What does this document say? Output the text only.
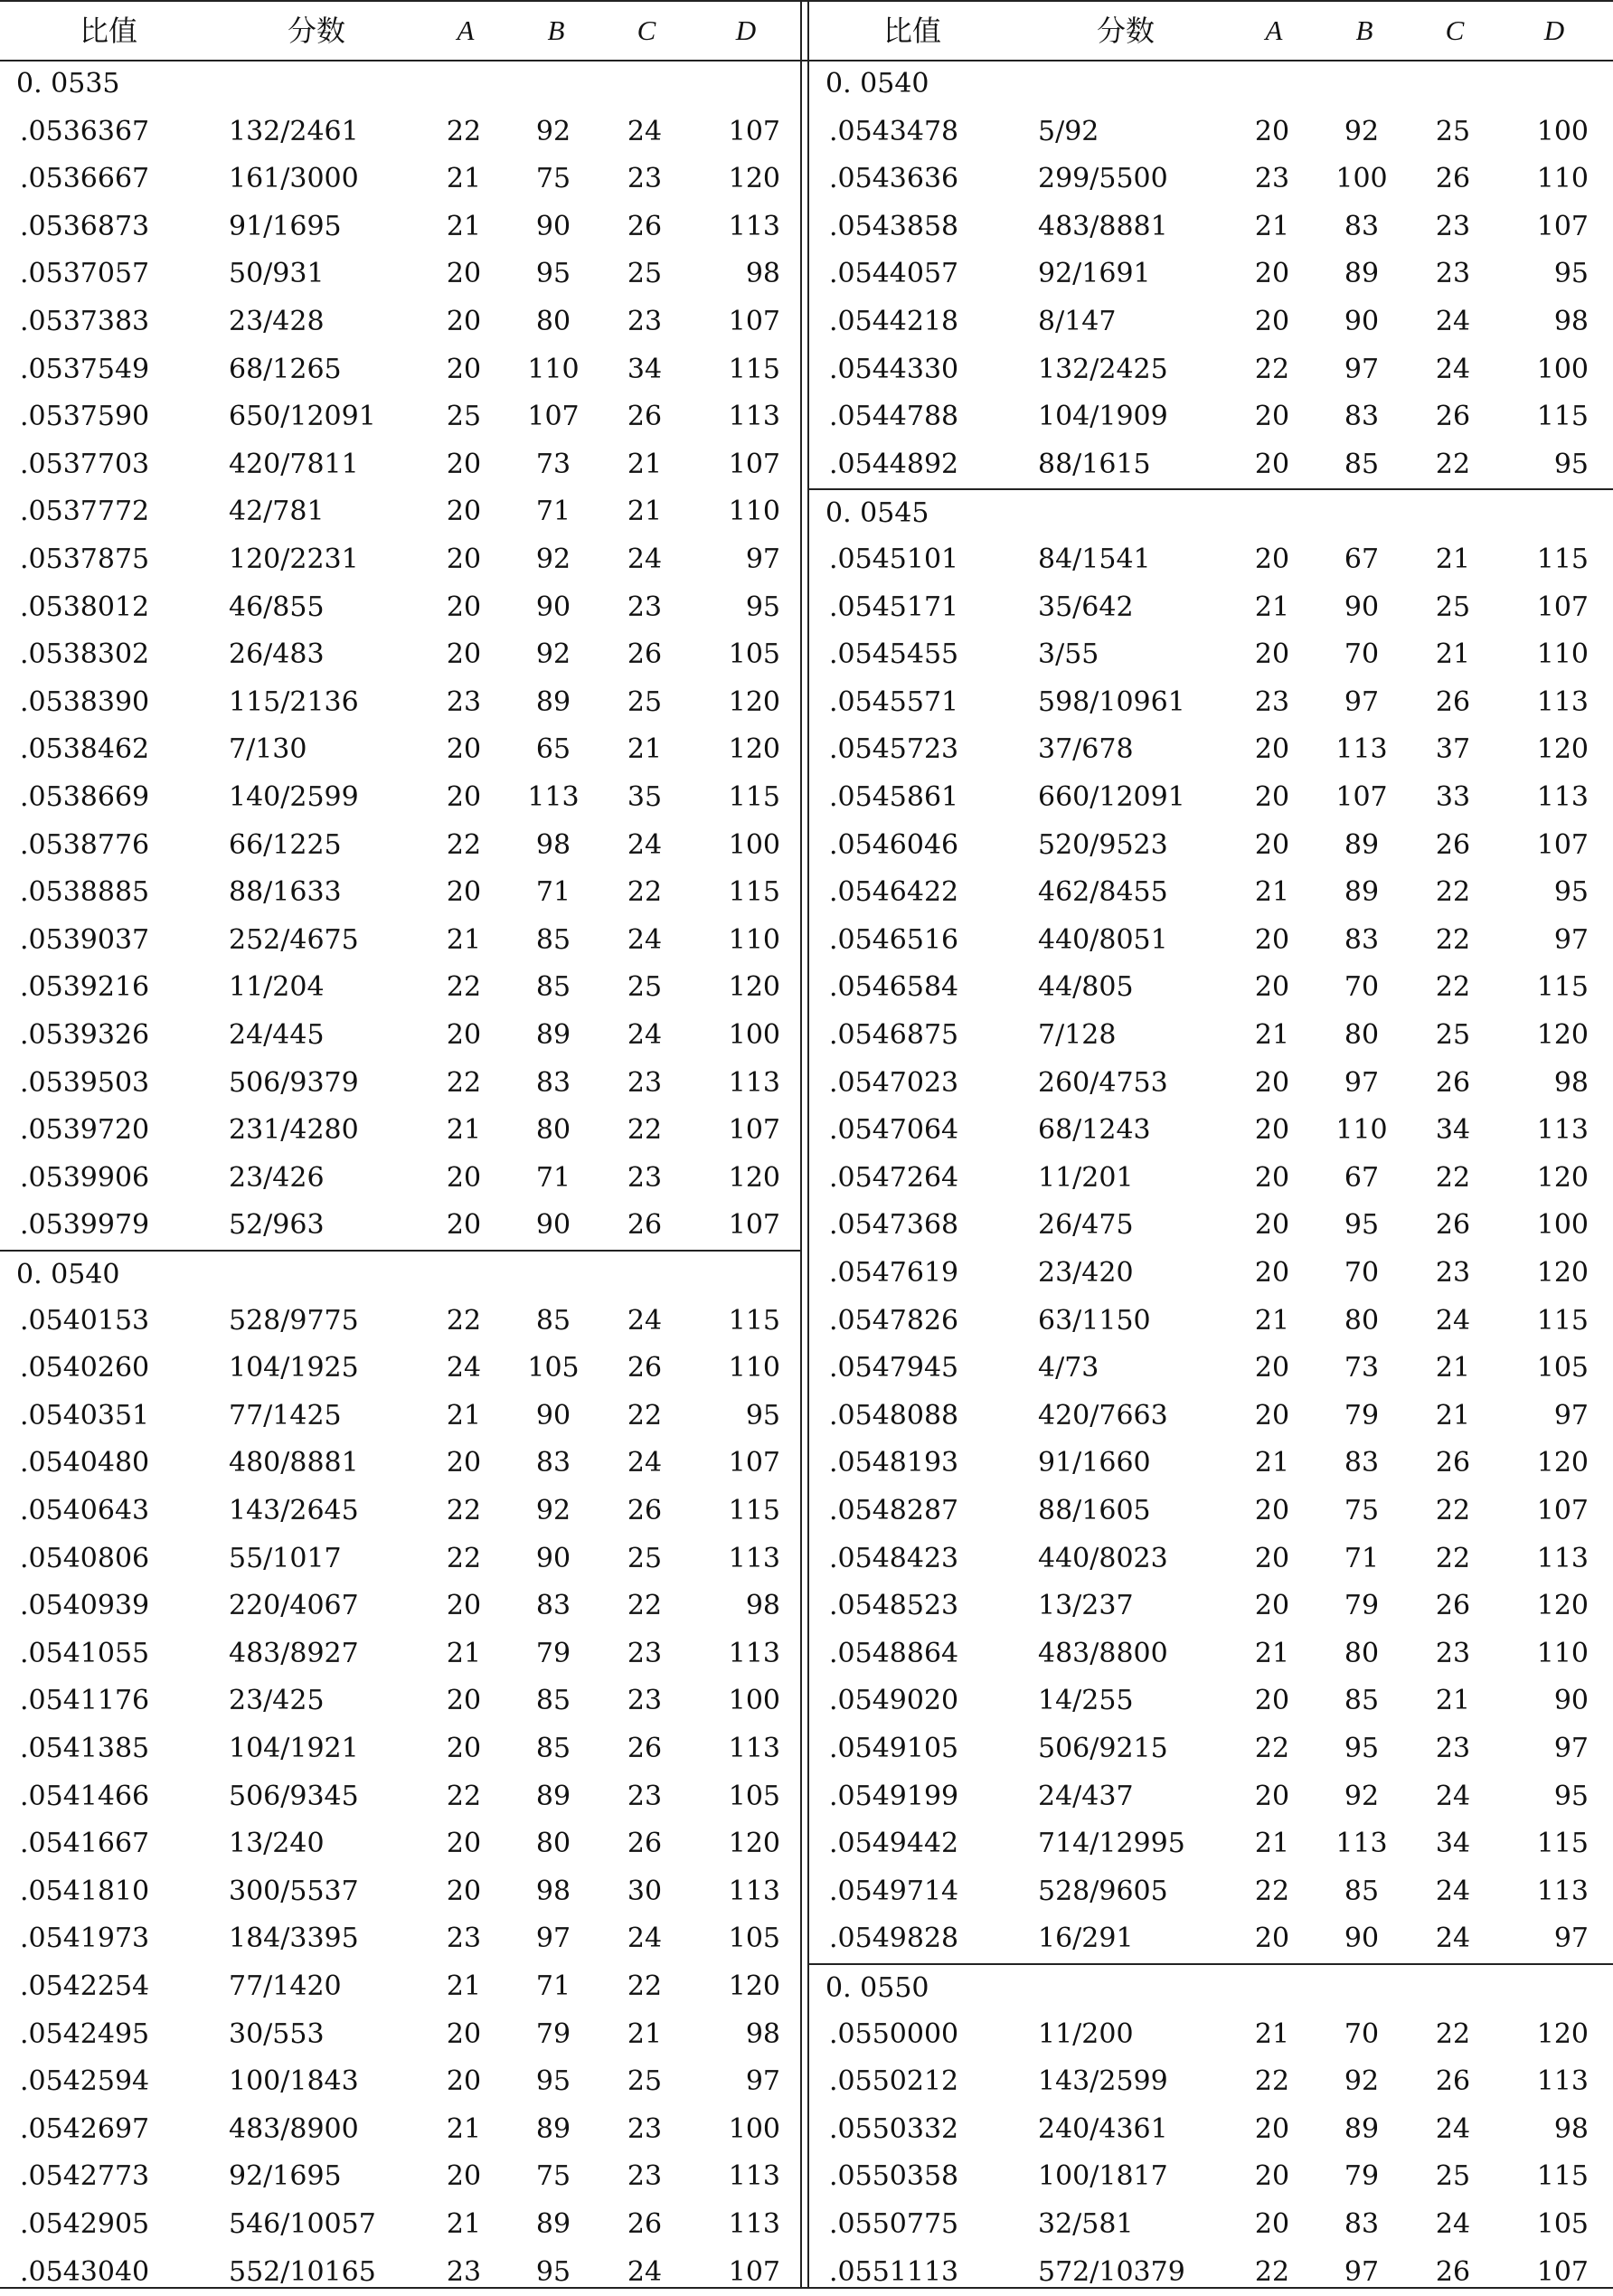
比值	分数	A	B	C	D
0. 0535
.0536367	132/2461	22	92	24	107
.0536667	161/3000	21	75	23	120
.0536873	91/1695	21	90	26	113
.0537057	50/931	20	95	25	98
.0537383	23/428	20	80	23	107
.0537549	68/1265	20	110	34	115
.0537590	650/12091	25	107	26	113
.0537703	420/7811	20	73	21	107
.0537772	42/781	20	71	21	110
.0537875	120/2231	20	92	24	97
.0538012	46/855	20	90	23	95
.0538302	26/483	20	92	26	105
.0538390	115/2136	23	89	25	120
.0538462	7/130	20	65	21	120
.0538669	140/2599	20	113	35	115
.0538776	66/1225	22	98	24	100
.0538885	88/1633	20	71	22	115
.0539037	252/4675	21	85	24	110
.0539216	11/204	22	85	25	120
.0539326	24/445	20	89	24	100
.0539503	506/9379	22	83	23	113
.0539720	231/4280	21	80	22	107
.0539906	23/426	20	71	23	120
.0539979	52/963	20	90	26	107
0. 0540
.0540153	528/9775	22	85	24	115
.0540260	104/1925	24	105	26	110
.0540351	77/1425	21	90	22	95
.0540480	480/8881	20	83	24	107
.0540643	143/2645	22	92	26	115
.0540806	55/1017	22	90	25	113
.0540939	220/4067	20	83	22	98
.0541055	483/8927	21	79	23	113
.0541176	23/425	20	85	23	100
.0541385	104/1921	20	85	26	113
.0541466	506/9345	22	89	23	105
.0541667	13/240	20	80	26	120
.0541810	300/5537	20	98	30	113
.0541973	184/3395	23	97	24	105
.0542254	77/1420	21	71	22	120
.0542495	30/553	20	79	21	98
.0542594	100/1843	20	95	25	97
.0542697	483/8900	21	89	23	100
.0542773	92/1695	20	75	23	113
.0542905	546/10057	21	89	26	113
.0543040	552/10165	23	95	24	107
比值	分数	A	B	C	D
0. 0540
.0543478	5/92	20	92	25	100
.0543636	299/5500	23	100	26	110
.0543858	483/8881	21	83	23	107
.0544057	92/1691	20	89	23	95
.0544218	8/147	20	90	24	98
.0544330	132/2425	22	97	24	100
.0544788	104/1909	20	83	26	115
.0544892	88/1615	20	85	22	95
0. 0545
.0545101	84/1541	20	67	21	115
.0545171	35/642	21	90	25	107
.0545455	3/55	20	70	21	110
.0545571	598/10961	23	97	26	113
.0545723	37/678	20	113	37	120
.0545861	660/12091	20	107	33	113
.0546046	520/9523	20	89	26	107
.0546422	462/8455	21	89	22	95
.0546516	440/8051	20	83	22	97
.0546584	44/805	20	70	22	115
.0546875	7/128	21	80	25	120
.0547023	260/4753	20	97	26	98
.0547064	68/1243	20	110	34	113
.0547264	11/201	20	67	22	120
.0547368	26/475	20	95	26	100
.0547619	23/420	20	70	23	120
.0547826	63/1150	21	80	24	115
.0547945	4/73	20	73	21	105
.0548088	420/7663	20	79	21	97
.0548193	91/1660	21	83	26	120
.0548287	88/1605	20	75	22	107
.0548423	440/8023	20	71	22	113
.0548523	13/237	20	79	26	120
.0548864	483/8800	21	80	23	110
.0549020	14/255	20	85	21	90
.0549105	506/9215	22	95	23	97
.0549199	24/437	20	92	24	95
.0549442	714/12995	21	113	34	115
.0549714	528/9605	22	85	24	113
.0549828	16/291	20	90	24	97
0. 0550
.0550000	11/200	21	70	22	120
.0550212	143/2599	22	92	26	113
.0550332	240/4361	20	89	24	98
.0550358	100/1817	20	79	25	115
.0550775	32/581	20	83	24	105
.0551113	572/10379	22	97	26	107
